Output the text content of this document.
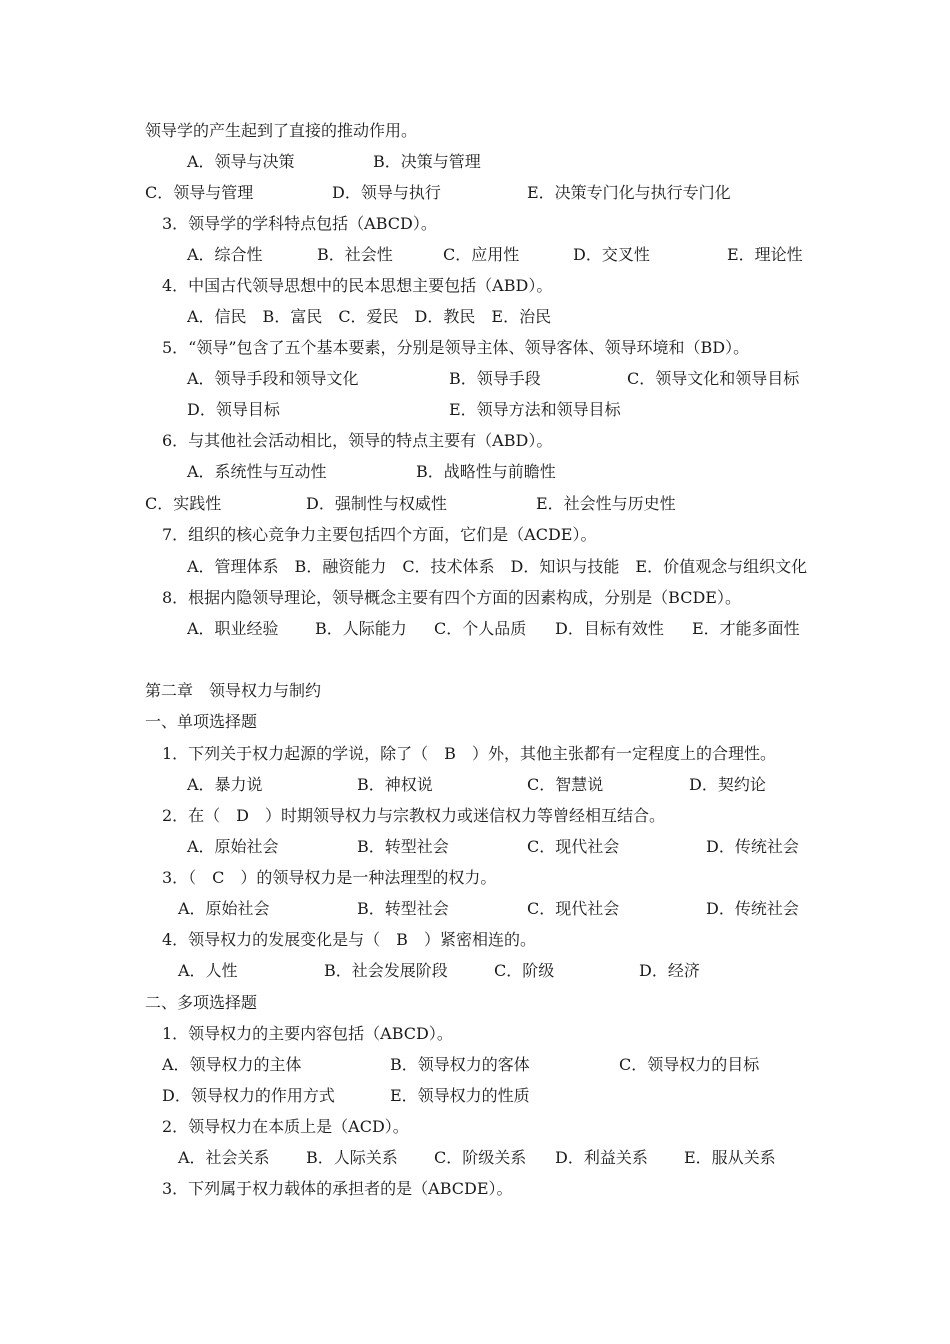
领导学的产生起到了直接的推动作用。
A．领导与决策	B．决策与管理
C．领导与管理	D．领导与执行	E．决策专门化与执行专门化
3．领导学的学科特点包括（ABCD）。
A．综合性	B．社会性	C．应用性	D．交叉性	E．理论性
4．中国古代领导思想中的民本思想主要包括（ABD）。
A．信民　B．富民　C．爱民　D．教民　E．治民
5．“领导”包含了五个基本要素，分别是领导主体、领导客体、领导环境和（BD）。
A．领导手段和领导文化	B．领导手段	C．领导文化和领导目标
D．领导目标	E．领导方法和领导目标
6．与其他社会活动相比，领导的特点主要有（ABD）。
A．系统性与互动性	B．战略性与前瞻性
C．实践性	D．强制性与权威性	E．社会性与历史性
7．组织的核心竞争力主要包括四个方面，它们是（ACDE）。
A．管理体系　B．融资能力　C．技术体系　D．知识与技能　E．价值观念与组织文化
8．根据内隐领导理论，领导概念主要有四个方面的因素构成，分别是（BCDE）。
A．职业经验 B．人际能力 C．个人品质 D．目标有效性 E．才能多面性
第二章　领导权力与制约
一、单项选择题
1．下列关于权力起源的学说，除了（　B　）外，其他主张都有一定程度上的合理性。
A．暴力说	B．神权说	C．智慧说	D．契约论
2．在（　D　）时期领导权力与宗教权力或迷信权力等曾经相互结合。
A．原始社会	B．转型社会	C．现代社会	D．传统社会
3．（　C　）的领导权力是一种法理型的权力。
A．原始社会	B．转型社会	C．现代社会	D．传统社会
4．领导权力的发展变化是与（　B　）紧密相连的。
A．人性	B．社会发展阶段	C．阶级	D．经济
二、多项选择题
1．领导权力的主要内容包括（ABCD）。
A．领导权力的主体	B．领导权力的客体	C．领导权力的目标
D．领导权力的作用方式	E．领导权力的性质
2．领导权力在本质上是（ACD）。
A．社会关系 B．人际关系 C．阶级关系 D．利益关系 E．服从关系
3．下列属于权力载体的承担者的是（ABCDE）。
